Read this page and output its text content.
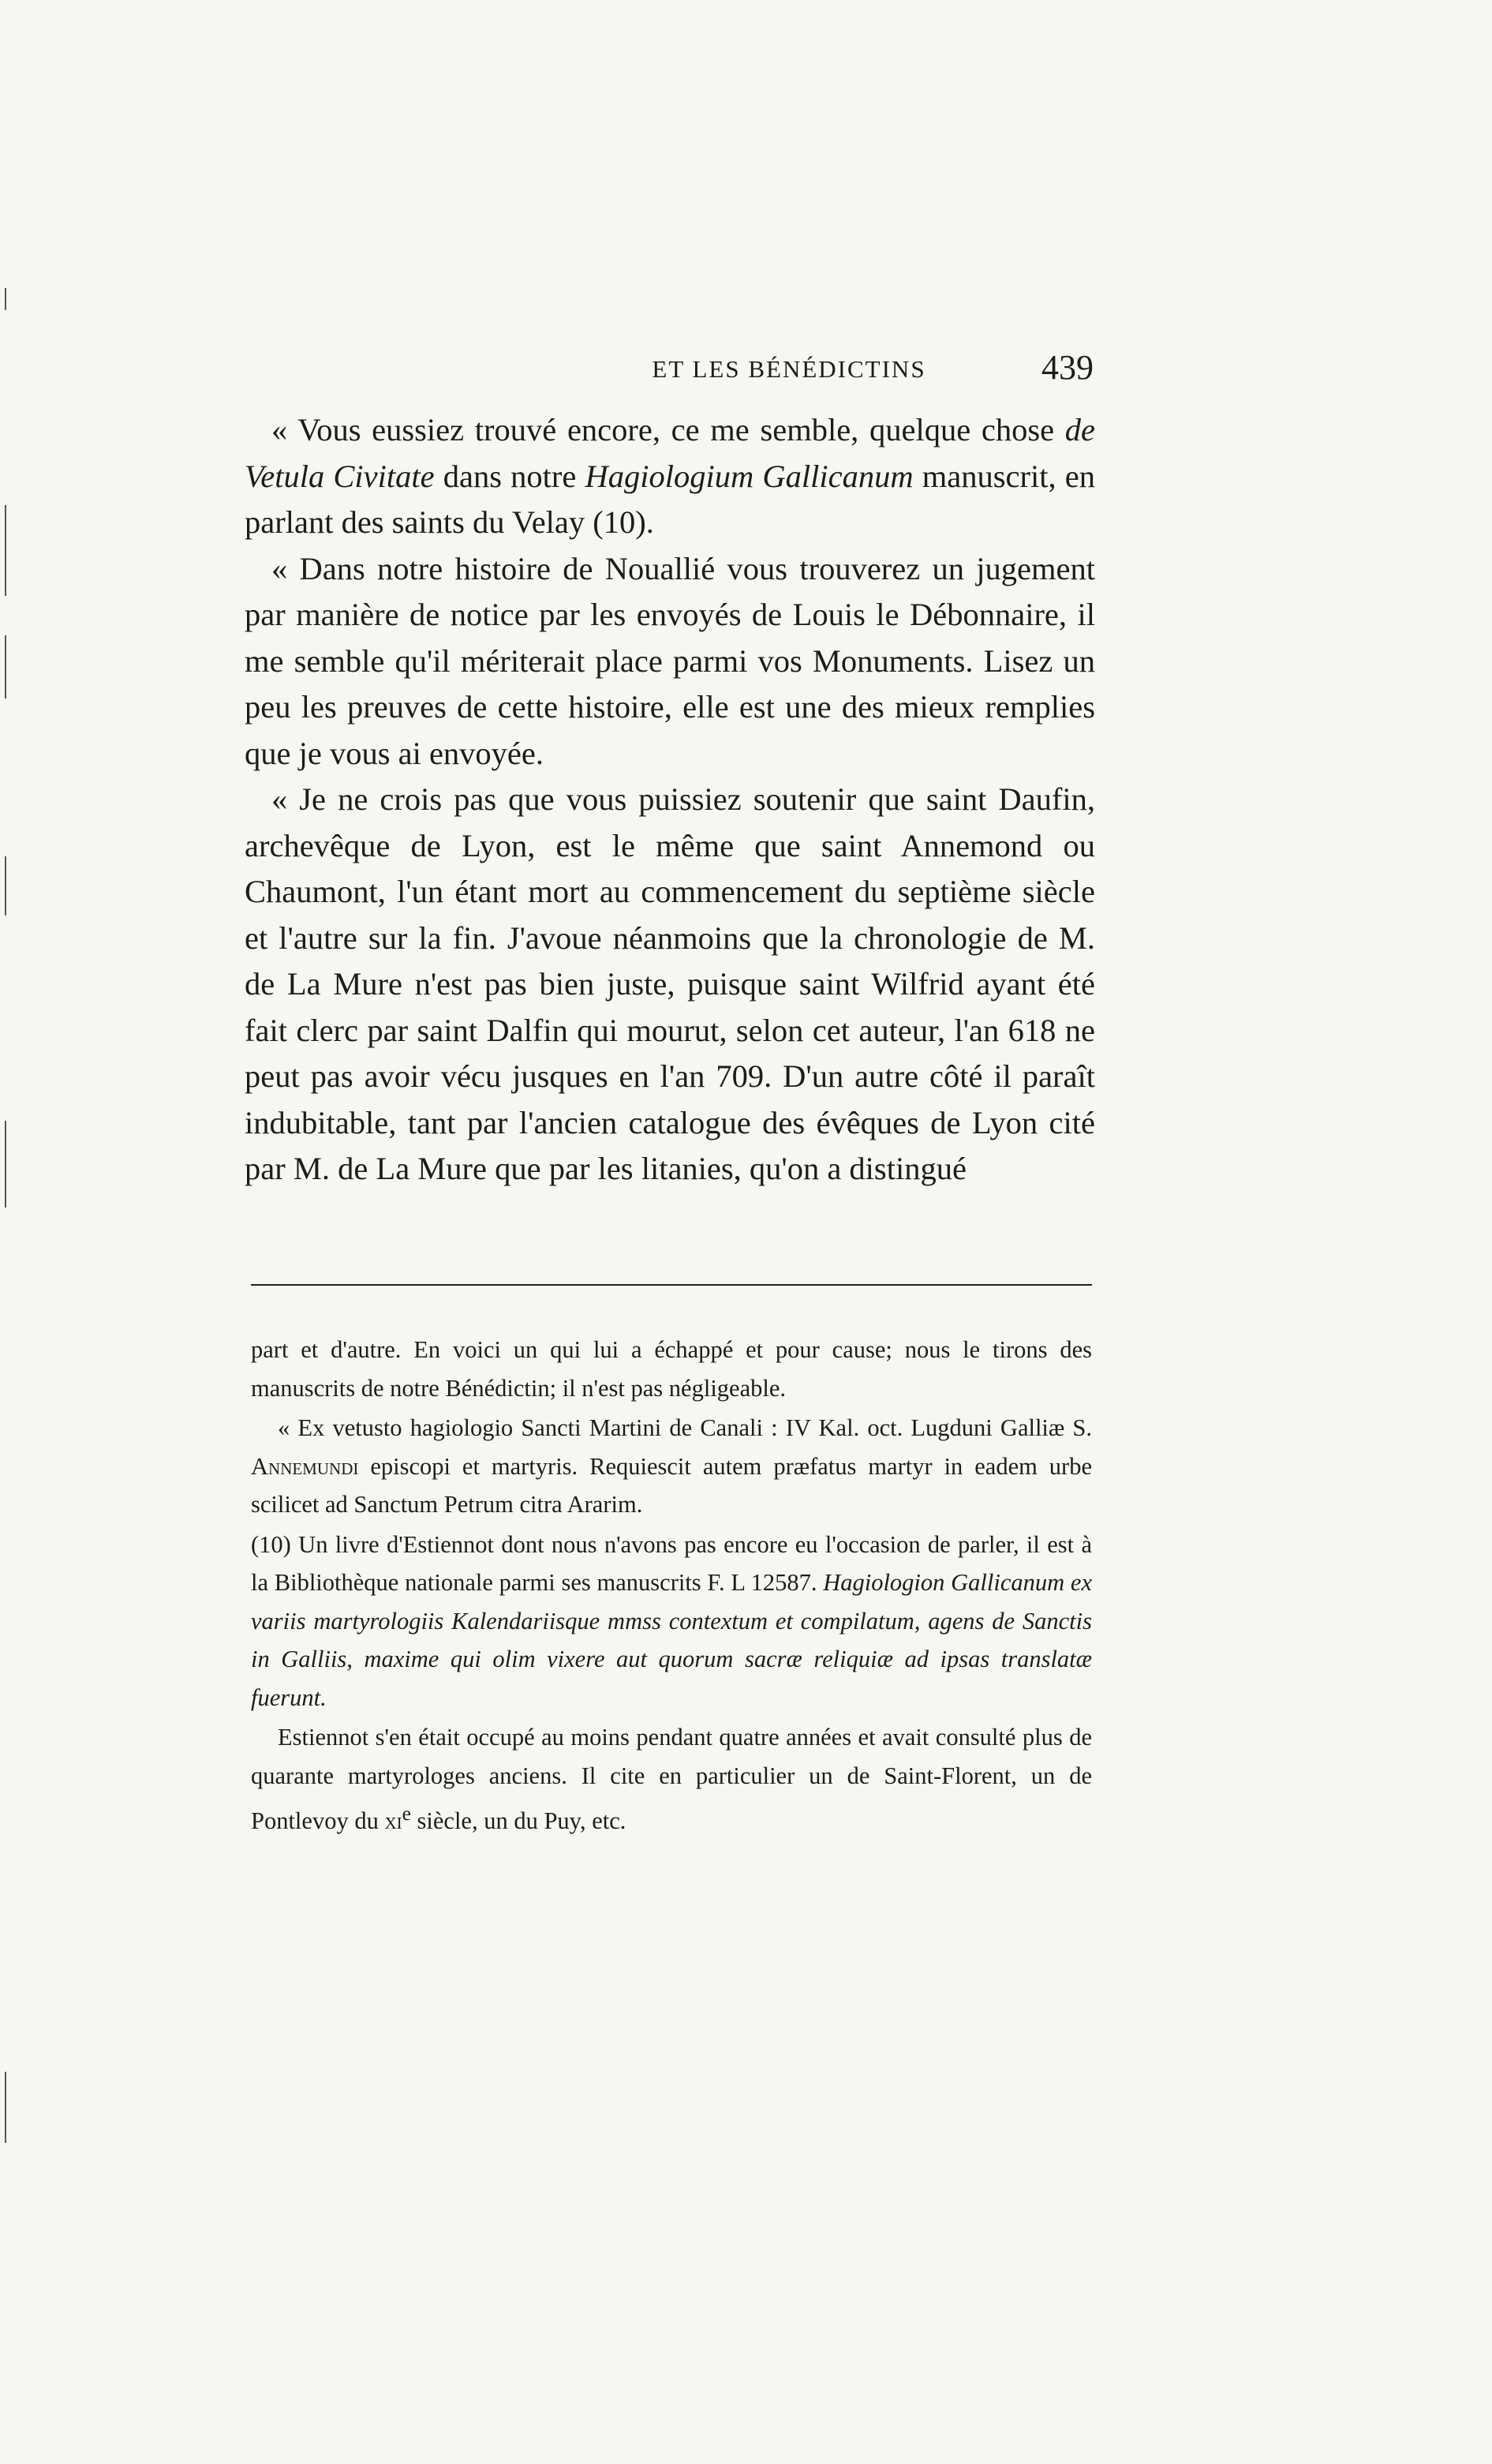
ET LES BÉNÉDICTINS	439

« Vous eussiez trouvé encore, ce me semble, quelque chose de Vetula Civitate dans notre Hagiologium Gallicanum manuscrit, en parlant des saints du Velay (10).

« Dans notre histoire de Nouallié vous trouverez un jugement par manière de notice par les envoyés de Louis le Débonnaire, il me semble qu'il mériterait place parmi vos Monuments. Lisez un peu les preuves de cette histoire, elle est une des mieux remplies que je vous ai envoyée.

« Je ne crois pas que vous puissiez soutenir que saint Daufin, archevêque de Lyon, est le même que saint Annemond ou Chaumont, l'un étant mort au commencement du septième siècle et l'autre sur la fin. J'avoue néanmoins que la chronologie de M. de La Mure n'est pas bien juste, puisque saint Wilfrid ayant été fait clerc par saint Dalfin qui mourut, selon cet auteur, l'an 618 ne peut pas avoir vécu jusques en l'an 709. D'un autre côté il paraît indubitable, tant par l'ancien catalogue des évêques de Lyon cité par M. de La Mure que par les litanies, qu'on a distingué

part et d'autre. En voici un qui lui a échappé et pour cause; nous le tirons des manuscrits de notre Bénédictin; il n'est pas négligeable.

« Ex vetusto hagiologio Sancti Martini de Canali : IV Kal. oct. Lugduni Galliæ S. Annemundi episcopi et martyris. Requiescit autem præfatus martyr in eadem urbe scilicet ad Sanctum Petrum citra Ararim.

(10) Un livre d'Estiennot dont nous n'avons pas encore eu l'occasion de parler, il est à la Bibliothèque nationale parmi ses manuscrits F. L 12587. Hagiologion Gallicanum ex variis martyrologiis Kalendariisque mmss contextum et compilatum, agens de Sanctis in Galliis, maxime qui olim vixere aut quorum sacræ reliquiæ ad ipsas translatæ fuerunt.

Estiennot s'en était occupé au moins pendant quatre années et avait consulté plus de quarante martyrologes anciens. Il cite en particulier un de Saint-Florent, un de Pontlevoy du $xi^e$ siècle, un du Puy, etc.
